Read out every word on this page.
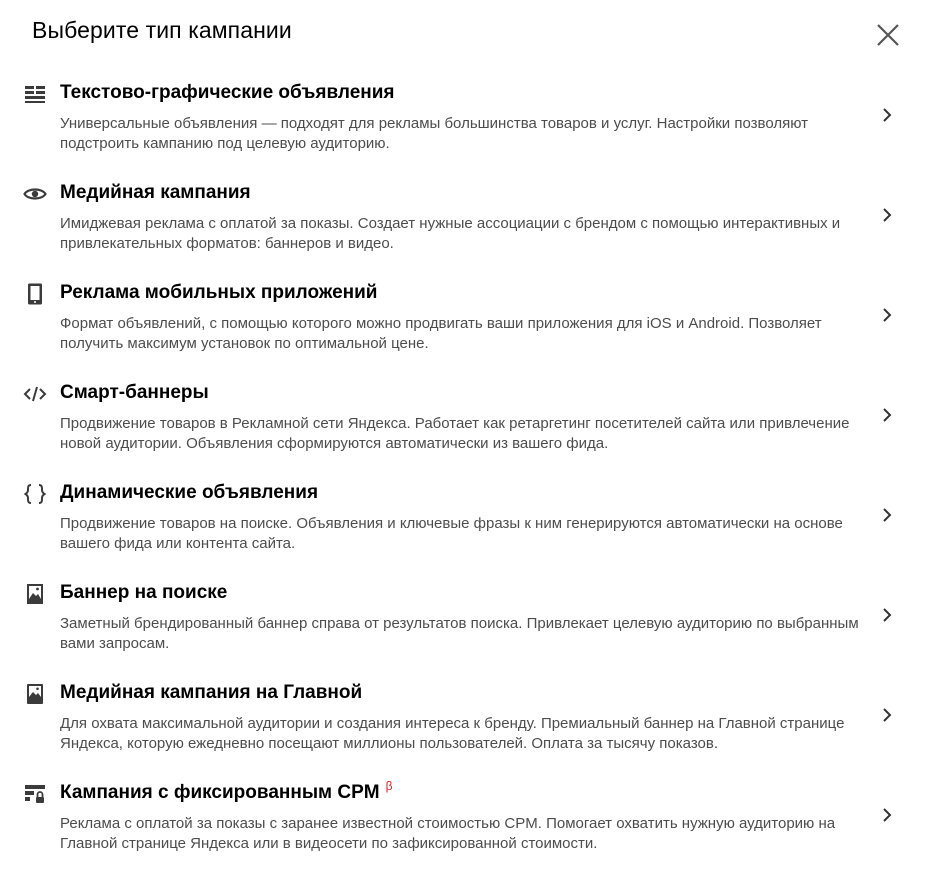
Выберите тип кампании
Текстово-графические объявления
Универсальные объявления — подходят для рекламы большинства товаров и услуг. Настройки позволяют подстроить кампанию под целевую аудиторию.
Медийная кампания
Имиджевая реклама с оплатой за показы. Создает нужные ассоциации с брендом с помощью интерактивных и привлекательных форматов: баннеров и видео.
Реклама мобильных приложений
Формат объявлений, с помощью которого можно продвигать ваши приложения для iOS и Android. Позволяет получить максимум установок по оптимальной цене.
Смарт-баннеры
Продвижение товаров в Рекламной сети Яндекса. Работает как ретаргетинг посетителей сайта или привлечение новой аудитории. Объявления сформируются автоматически из вашего фида.
Динамические объявления
Продвижение товаров на поиске. Объявления и ключевые фразы к ним генерируются автоматически на основе вашего фида или контента сайта.
Баннер на поиске
Заметный брендированный баннер справа от результатов поиска. Привлекает целевую аудиторию по выбранным вами запросам.
Медийная кампания на Главной
Для охвата максимальной аудитории и создания интереса к бренду. Премиальный баннер на Главной странице Яндекса, которую ежедневно посещают миллионы пользователей. Оплата за тысячу показов.
Кампания с фиксированным CPM $^\beta$
Реклама с оплатой за показы с заранее известной стоимостью CPM. Помогает охватить нужную аудиторию на Главной странице Яндекса или в видеосети по зафиксированной стоимости.
